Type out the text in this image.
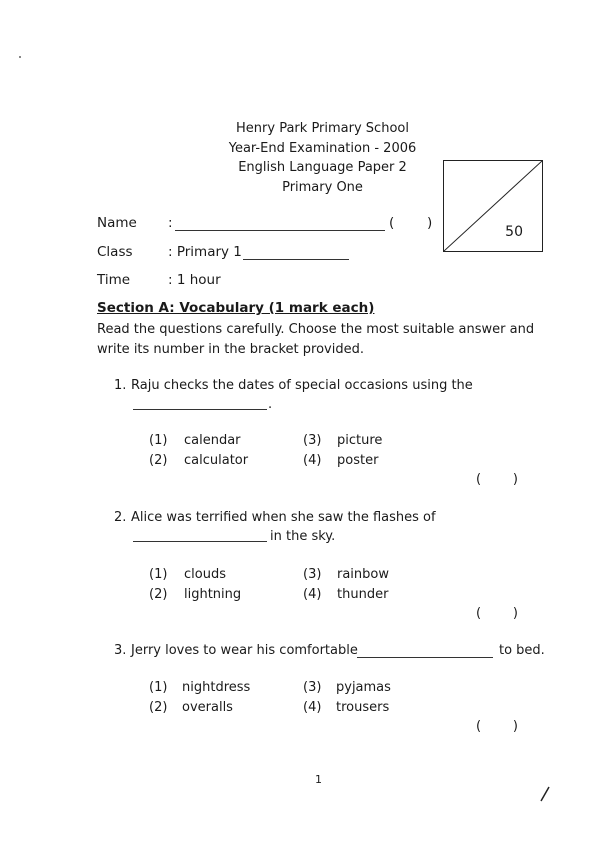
Henry Park Primary School
Year-End Examination - 2006
English Language Paper 2
Primary One
50
Name :	( )
Class	: Primary 1
Time	: 1 hour
Section A: Vocabulary (1 mark each)
Read the questions carefully. Choose the most suitable answer and
write its number in the bracket provided.
1. Raju checks the dates of special occasions using the
.
(1) calendar	(3) picture
(2) calculator	(4) poster
(      )
2. Alice was terrified when she saw the flashes of
in the sky.
(1) clouds	(3) rainbow
(2) lightning	(4) thunder
(      )
3. Jerry loves to wear his comfortable	to bed.
(1) nightdress	(3) pyjamas
(2) overalls	(4) trousers
(      )
1
